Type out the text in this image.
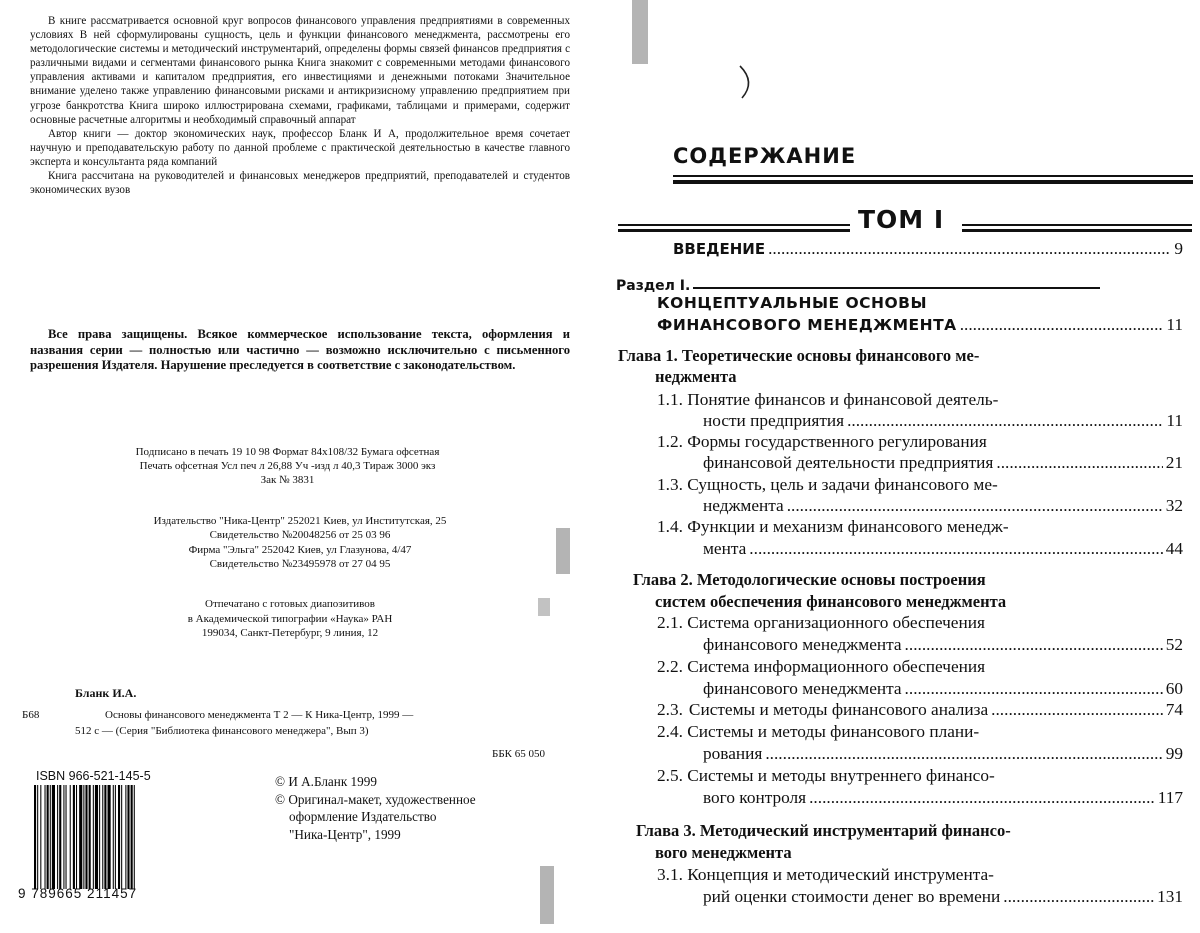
В книге рассматривается основной круг вопросов финансового управления предприятиями в современных условиях В ней сформулированы сущность, цель и функции финансового менеджмента, рассмотрены его методологические системы и методический инструментарий, определены формы связей финансов предприятия с различными видами и сегментами финансового рынка Книга знакомит с современными методами финансового управления активами и капиталом предприятия, его инвестициями и денежными потоками Значительное внимание уделено также управлению финансовыми рисками и антикризисному управлению предприятием при угрозе банкротства Книга широко иллюстрирована схемами, графиками, таблицами и примерами, содержит основные расчетные алгоритмы и необходимый справочный аппарат

Автор книги — доктор экономических наук, профессор Бланк И А, продолжительное время сочетает научную и преподавательскую работу по данной проблеме с практической деятельностью в качестве главного эксперта и консультанта ряда компаний

Книга рассчитана на руководителей и финансовых менеджеров предприятий, преподавателей и студентов экономических вузов

Все права защищены. Всякое коммерческое использование текста, оформления и названия серии — полностью или частично — возможно исключительно с письменного разрешения Издателя. Нарушение преследуется в соответствие с законодательством.

Подписано в печать 19 10 98 Формат 84х108/32 Бумага офсетная
Печать офсетная Усл печ л 26,88 Уч -изд л 40,3 Тираж 3000 экз
Зак № 3831
Издательство "Ника-Центр" 252021 Киев, ул Институтская, 25
Свидетельство №20048256 от 25 03 96
Фирма "Эльга" 252042 Киев, ул Глазунова, 4/47
Свидетельство №23495978 от 27 04 95
Отпечатано с готовых диапозитивов
в Академической типографии «Наука» РАН
199034, Санкт-Петербург, 9 линия, 12
Бланк И.А.
Б68	Основы финансового менеджмента Т 2 — К Ника-Центр, 1999 —
512 с — (Серия "Библиотека финансового менеджера", Вып 3)
ББК 65 050
ISBN 966-521-145-5
9 789665 211457
© И А.Бланк 1999
© Оригинал-макет, художественное
оформление Издательство
"Ника-Центр", 1999
СОДЕРЖАНИЕ
ТОМ I
ВВЕДЕНИЕ .....	9
Раздел I.
КОНЦЕПТУАЛЬНЫЕ ОСНОВЫ
ФИНАНСОВОГО МЕНЕДЖМЕНТА .....	11
Глава 1. Теоретические основы финансового ме-
неджмента
1.1. Понятие финансов и финансовой деятель-
ности предприятия .....	11
1.2. Формы государственного регулирования
финансовой деятельности предприятия .....	21
1.3. Сущность, цель и задачи финансового ме-
неджмента .....	32
1.4. Функции и механизм финансового менедж-
мента .....	44
Глава 2. Методологические основы построения
систем обеспечения финансового менеджмента
2.1. Система организационного обеспечения
финансового менеджмента .....	52
2.2. Система информационного обеспечения
финансового менеджмента .....	60
2.3. Системы и методы финансового анализа .....	74
2.4. Системы и методы финансового плани-
рования .....	99
2.5. Системы и методы внутреннего финансо-
вого контроля .....	117
Глава 3. Методический инструментарий финансо-
вого менеджмента
3.1. Концепция и методический инструмента-
рий оценки стоимости денег во времени .....	131
